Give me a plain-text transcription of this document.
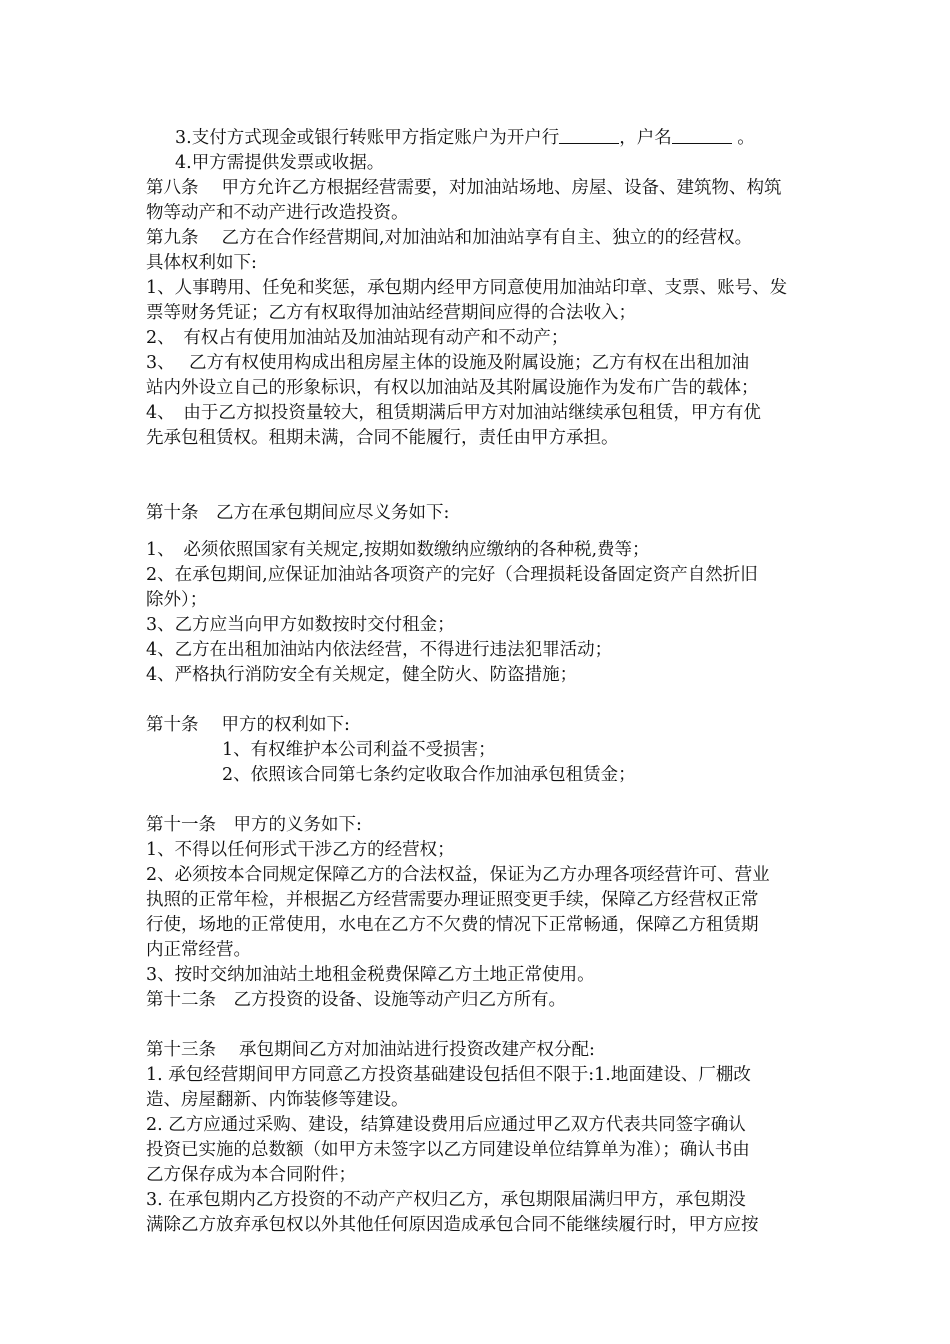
3.支付方式现金或银行转账甲方指定账户为开户行	，户名	。
4.甲方需提供发票或收据。
第八条　 甲方允许乙方根据经营需要，对加油站场地、房屋、设备、建筑物、构筑
物等动产和不动产进行改造投资。
第九条　 乙方在合作经营期间,对加油站和加油站享有自主、独立的的经营权。
具体权利如下:
1、人事聘用、任免和奖惩，承包期内经甲方同意使用加油站印章、支票、账号、发
票等财务凭证；乙方有权取得加油站经营期间应得的合法收入；
2、　有权占有使用加油站及加油站现有动产和不动产；
3、　 乙方有权使用构成出租房屋主体的设施及附属设施；乙方有权在出租加油
站内外设立自己的形象标识，有权以加油站及其附属设施作为发布广告的载体；
4、　由于乙方拟投资量较大，租赁期满后甲方对加油站继续承包租赁，甲方有优
先承包租赁权。租期未满，合同不能履行，责任由甲方承担。
第十条　乙方在承包期间应尽义务如下:
1、　必须依照国家有关规定,按期如数缴纳应缴纳的各种税,费等；
2、在承包期间,应保证加油站各项资产的完好（合理损耗设备固定资产自然折旧
除外）；
3、乙方应当向甲方如数按时交付租金；
4、乙方在出租加油站内依法经营，不得进行违法犯罪活动；
4、严格执行消防安全有关规定，健全防火、防盗措施；
第十条　 甲方的权利如下:
1、有权维护本公司利益不受损害；
2、依照该合同第七条约定收取合作加油承包租赁金；
第十一条　甲方的义务如下:
1、不得以任何形式干涉乙方的经营权；
2、必须按本合同规定保障乙方的合法权益，保证为乙方办理各项经营许可、营业
执照的正常年检，并根据乙方经营需要办理证照变更手续，保障乙方经营权正常
行使，场地的正常使用，水电在乙方不欠费的情况下正常畅通，保障乙方租赁期
内正常经营。
3、按时交纳加油站土地租金税费保障乙方土地正常使用。
第十二条　乙方投资的设备、设施等动产归乙方所有。
第十三条　 承包期间乙方对加油站进行投资改建产权分配:
1. 承包经营期间甲方同意乙方投资基础建设包括但不限于:1.地面建设、厂棚改
造、房屋翻新、内饰装修等建设。
2. 乙方应通过采购、建设，结算建设费用后应通过甲乙双方代表共同签字确认
投资已实施的总数额（如甲方未签字以乙方同建设单位结算单为准）；确认书由
乙方保存成为本合同附件；
3. 在承包期内乙方投资的不动产产权归乙方，承包期限届满归甲方，承包期没
满除乙方放弃承包权以外其他任何原因造成承包合同不能继续履行时，甲方应按
